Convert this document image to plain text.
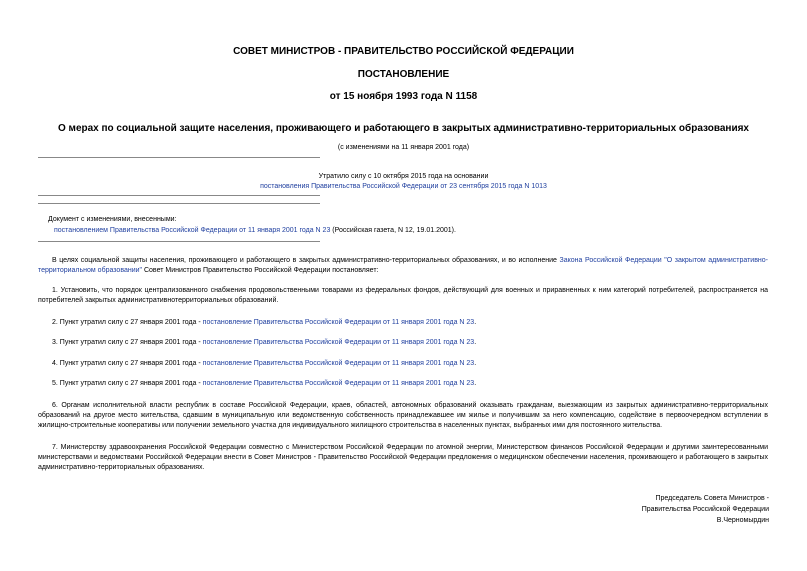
СОВЕТ МИНИСТРОВ - ПРАВИТЕЛЬСТВО РОССИЙСКОЙ ФЕДЕРАЦИИ
ПОСТАНОВЛЕНИЕ
от 15 ноября 1993 года N 1158
О мерах по социальной защите населения, проживающего и работающего в закрытых административно-территориальных образованиях
(с изменениями на 11 января 2001 года)
Утратило силу с 10 октября 2015 года на основании
постановления Правительства Российской Федерации от 23 сентября 2015 года N 1013
Документ с изменениями, внесенными:
постановлением Правительства Российской Федерации от 11 января 2001 года N 23 (Российская газета, N 12, 19.01.2001).
В целях социальной защиты населения, проживающего и работающего в закрытых административно-территориальных образованиях, и во исполнение Закона Российской Федерации "О закрытом административно-территориальном образовании" Совет Министров Правительство Российской Федерации постановляет:
1. Установить, что порядок централизованного снабжения продовольственными товарами из федеральных фондов, действующий для военных и приравненных к ним категорий потребителей, распространяется на потребителей закрытых административнотерриториальных образований.
2. Пункт утратил силу с 27 января 2001 года - постановление Правительства Российской Федерации от 11 января 2001 года N 23.
3. Пункт утратил силу с 27 января 2001 года - постановление Правительства Российской Федерации от 11 января 2001 года N 23.
4. Пункт утратил силу с 27 января 2001 года - постановление Правительства Российской Федерации от 11 января 2001 года N 23.
5. Пункт утратил силу с 27 января 2001 года - постановление Правительства Российской Федерации от 11 января 2001 года N 23.
6. Органам исполнительной власти республик в составе Российской Федерации, краев, областей, автономных образований оказывать гражданам, выезжающим из закрытых административно-территориальных образований на другое место жительства, сдавшим в муниципальную или ведомственную собственность принадлежавшее им жилье и получившим за него компенсацию, содействие в первоочередном вступлении в жилищно-строительные кооперативы или получении земельного участка для индивидуального жилищного строительства в населенных пунктах, выбранных ими для постоянного жительства.
7. Министерству здравоохранения Российской Федерации совместно с Министерством Российской Федерации по атомной энергии, Министерством финансов Российской Федерации и другими заинтересованными министерствами и ведомствами Российской Федерации внести в Совет Министров - Правительство Российской Федерации предложения о медицинском обеспечении населения, проживающего и работающего в закрытых административно-территориальных образованиях.
Председатель Совета Министров -
Правительства Российской Федерации
В.Черномырдин
